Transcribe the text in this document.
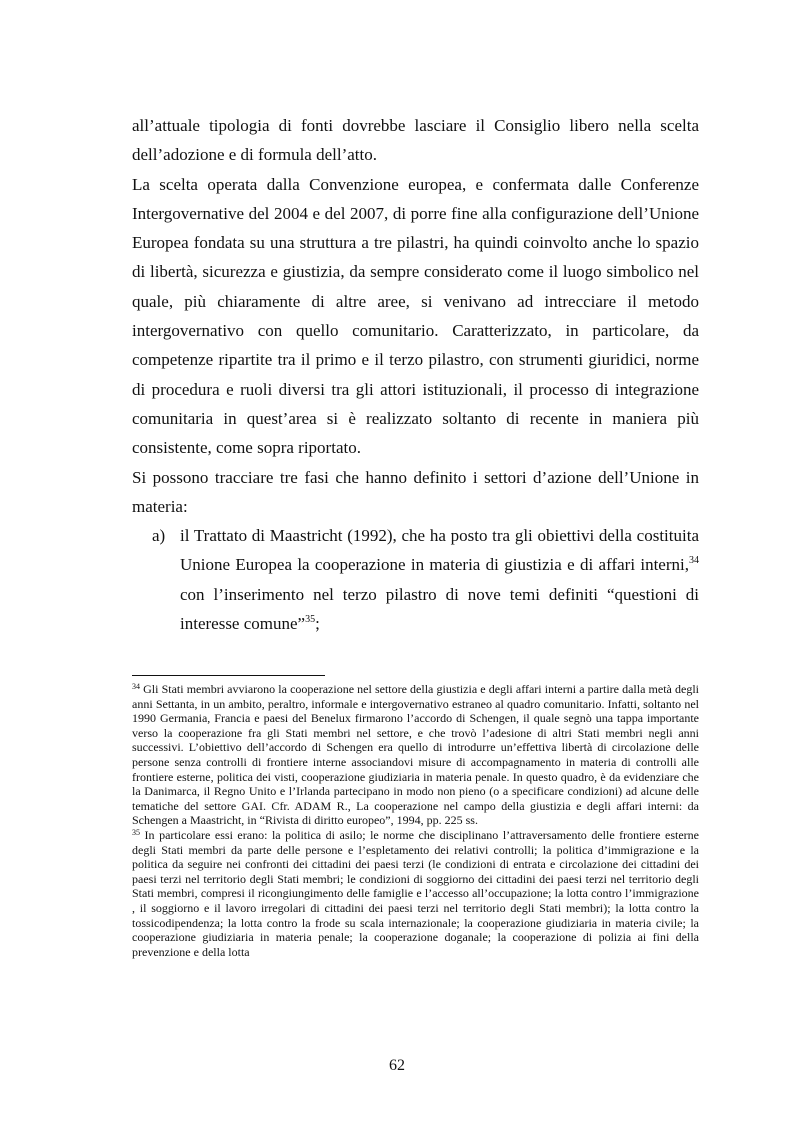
all’attuale tipologia di fonti dovrebbe lasciare il Consiglio libero nella scelta dell’adozione e di formula dell’atto.

La scelta operata dalla Convenzione europea, e confermata dalle Conferenze Intergovernative del 2004 e del 2007, di porre fine alla configurazione dell’Unione Europea fondata su una struttura a tre pilastri, ha quindi coinvolto anche lo spazio di libertà, sicurezza e giustizia, da sempre considerato come il luogo simbolico nel quale, più chiaramente di altre aree, si venivano ad intrecciare il metodo intergovernativo con quello comunitario. Caratterizzato, in particolare, da competenze ripartite tra il primo e il terzo pilastro, con strumenti giuridici, norme di procedura e ruoli diversi tra gli attori istituzionali, il processo di integrazione comunitaria in quest’area si è realizzato soltanto di recente in maniera più consistente, come sopra riportato.

Si possono tracciare tre fasi che hanno definito i settori d’azione dell’Unione in materia:

a) il Trattato di Maastricht (1992), che ha posto tra gli obiettivi della costituita Unione Europea la cooperazione in materia di giustizia e di affari interni,$^{34}$ con l’inserimento nel terzo pilastro di nove temi definiti “questioni di interesse comune”$^{35}$;

$^{34}$ Gli Stati membri avviarono la cooperazione nel settore della giustizia e degli affari interni a partire dalla metà degli anni Settanta, in un ambito, peraltro, informale e intergovernativo estraneo al quadro comunitario. Infatti, soltanto nel 1990 Germania, Francia e paesi del Benelux firmarono l’accordo di Schengen, il quale segnò una tappa importante verso la cooperazione fra gli Stati membri nel settore, e che trovò l’adesione di altri Stati membri negli anni successivi. L’obiettivo dell’accordo di Schengen era quello di introdurre un’effettiva libertà di circolazione delle persone senza controlli di frontiere interne associandovi misure di accompagnamento in materia di controlli alle frontiere esterne, politica dei visti, cooperazione giudiziaria in materia penale. In questo quadro, è da evidenziare che la Danimarca, il Regno Unito e l’Irlanda partecipano in modo non pieno (o a specificare condizioni) ad alcune delle tematiche del settore GAI. Cfr. ADAM R., La cooperazione nel campo della giustizia e degli affari interni: da Schengen a Maastricht, in “Rivista di diritto europeo”, 1994, pp. 225 ss.

$^{35}$ In particolare essi erano: la politica di asilo; le norme che disciplinano l’attraversamento delle frontiere esterne degli Stati membri da parte delle persone e l’espletamento dei relativi controlli; la politica d’immigrazione e la politica da seguire nei confronti dei cittadini dei paesi terzi (le condizioni di entrata e circolazione dei cittadini dei paesi terzi nel territorio degli Stati membri; le condizioni di soggiorno dei cittadini dei paesi terzi nel territorio degli Stati membri, compresi il ricongiungimento delle famiglie e l’accesso all’occupazione; la lotta contro l’immigrazione , il soggiorno e il lavoro irregolari di cittadini dei paesi terzi nel territorio degli Stati membri); la lotta contro la tossicodipendenza; la lotta contro la frode su scala internazionale; la cooperazione giudiziaria in materia civile; la cooperazione giudiziaria in materia penale; la cooperazione doganale; la cooperazione di polizia ai fini della prevenzione e della lotta

62
